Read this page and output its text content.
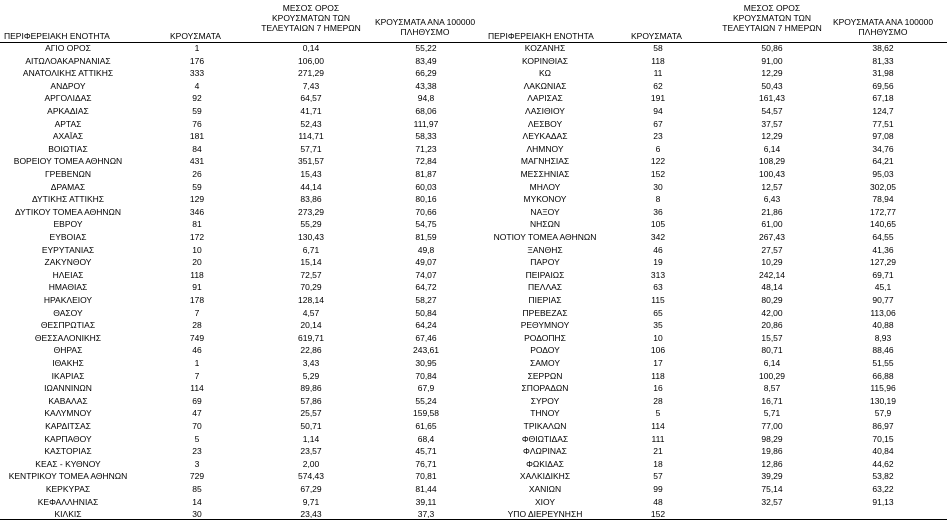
ΠΕΡΙΦΕΡΕΙΑΚΗ ΕΝΟΤΗΤΑ	ΚΡΟΥΣΜΑΤΑ
ΜΕΣΟΣ ΟΡΟΣ
ΚΡΟΥΣΜΑΤΩΝ ΤΩΝ
ΤΕΛΕΥΤΑΙΩΝ 7 ΗΜΕΡΩΝ
ΚΡΟΥΣΜΑΤΑ ΑΝΑ 100000
ΠΛΗΘΥΣΜΟ	ΠΕΡΙΦΕΡΕΙΑΚΗ ΕΝΟΤΗΤΑ	ΚΡΟΥΣΜΑΤΑ
ΜΕΣΟΣ ΟΡΟΣ
ΚΡΟΥΣΜΑΤΩΝ ΤΩΝ
ΤΕΛΕΥΤΑΙΩΝ 7 ΗΜΕΡΩΝ
ΚΡΟΥΣΜΑΤΑ ΑΝΑ 100000
ΠΛΗΘΥΣΜΟ
ΑΓΙΟ ΟΡΟΣ	1	0,14	55,22
ΑΙΤΩΛΟΑΚΑΡΝΑΝΙΑΣ	176	106,00	83,49
ΑΝΑΤΟΛΙΚΗΣ ΑΤΤΙΚΗΣ	333	271,29	66,29
ΑΝΔΡΟΥ	4	7,43	43,38
ΑΡΓΟΛΙΔΑΣ	92	64,57	94,8
ΑΡΚΑΔΙΑΣ	59	41,71	68,06
ΑΡΤΑΣ	76	52,43	111,97
ΑΧΑΪΑΣ	181	114,71	58,33
ΒΟΙΩΤΙΑΣ	84	57,71	71,23
ΒΟΡΕΙΟΥ ΤΟΜΕΑ ΑΘΗΝΩΝ	431	351,57	72,84
ΓΡΕΒΕΝΩΝ	26	15,43	81,87
ΔΡΑΜΑΣ	59	44,14	60,03
ΔΥΤΙΚΗΣ ΑΤΤΙΚΗΣ	129	83,86	80,16
ΔΥΤΙΚΟΥ ΤΟΜΕΑ ΑΘΗΝΩΝ	346	273,29	70,66
ΕΒΡΟΥ	81	55,29	54,75
ΕΥΒΟΙΑΣ	172	130,43	81,59
ΕΥΡΥΤΑΝΙΑΣ	10	6,71	49,8
ΖΑΚΥΝΘΟΥ	20	15,14	49,07
ΗΛΕΙΑΣ	118	72,57	74,07
ΗΜΑΘΙΑΣ	91	70,29	64,72
ΗΡΑΚΛΕΙΟΥ	178	128,14	58,27
ΘΑΣΟΥ	7	4,57	50,84
ΘΕΣΠΡΩΤΙΑΣ	28	20,14	64,24
ΘΕΣΣΑΛΟΝΙΚΗΣ	749	619,71	67,46
ΘΗΡΑΣ	46	22,86	243,61
ΙΘΑΚΗΣ	1	3,43	30,95
ΙΚΑΡΙΑΣ	7	5,29	70,84
ΙΩΑΝΝΙΝΩΝ	114	89,86	67,9
ΚΑΒΑΛΑΣ	69	57,86	55,24
ΚΑΛΥΜΝΟΥ	47	25,57	159,58
ΚΑΡΔΙΤΣΑΣ	70	50,71	61,65
ΚΑΡΠΑΘΟΥ	5	1,14	68,4
ΚΑΣΤΟΡΙΑΣ	23	23,57	45,71
ΚΕΑΣ - ΚΥΘΝΟΥ	3	2,00	76,71
ΚΕΝΤΡΙΚΟΥ ΤΟΜΕΑ ΑΘΗΝΩΝ	729	574,43	70,81
ΚΕΡΚΥΡΑΣ	85	67,29	81,44
ΚΕΦΑΛΛΗΝΙΑΣ	14	9,71	39,11
ΚΙΛΚΙΣ	30	23,43	37,3
ΚΟΖΑΝΗΣ	58	50,86	38,62
ΚΟΡΙΝΘΙΑΣ	118	91,00	81,33
ΚΩ	11	12,29	31,98
ΛΑΚΩΝΙΑΣ	62	50,43	69,56
ΛΑΡΙΣΑΣ	191	161,43	67,18
ΛΑΣΙΘΙΟΥ	94	54,57	124,7
ΛΕΣΒΟΥ	67	37,57	77,51
ΛΕΥΚΑΔΑΣ	23	12,29	97,08
ΛΗΜΝΟΥ	6	6,14	34,76
ΜΑΓΝΗΣΙΑΣ	122	108,29	64,21
ΜΕΣΣΗΝΙΑΣ	152	100,43	95,03
ΜΗΛΟΥ	30	12,57	302,05
ΜΥΚΟΝΟΥ	8	6,43	78,94
ΝΑΞΟΥ	36	21,86	172,77
ΝΗΣΩΝ	105	61,00	140,65
ΝΟΤΙΟΥ ΤΟΜΕΑ ΑΘΗΝΩΝ	342	267,43	64,55
ΞΑΝΘΗΣ	46	27,57	41,36
ΠΑΡΟΥ	19	10,29	127,29
ΠΕΙΡΑΙΩΣ	313	242,14	69,71
ΠΕΛΛΑΣ	63	48,14	45,1
ΠΙΕΡΙΑΣ	115	80,29	90,77
ΠΡΕΒΕΖΑΣ	65	42,00	113,06
ΡΕΘΥΜΝΟΥ	35	20,86	40,88
ΡΟΔΟΠΗΣ	10	15,57	8,93
ΡΟΔΟΥ	106	80,71	88,46
ΣΑΜΟΥ	17	6,14	51,55
ΣΕΡΡΩΝ	118	100,29	66,88
ΣΠΟΡΑΔΩΝ	16	8,57	115,96
ΣΥΡΟΥ	28	16,71	130,19
ΤΗΝΟΥ	5	5,71	57,9
ΤΡΙΚΑΛΩΝ	114	77,00	86,97
ΦΘΙΩΤΙΔΑΣ	111	98,29	70,15
ΦΛΩΡΙΝΑΣ	21	19,86	40,84
ΦΩΚΙΔΑΣ	18	12,86	44,62
ΧΑΛΚΙΔΙΚΗΣ	57	39,29	53,82
ΧΑΝΙΩΝ	99	75,14	63,22
ΧΙΟΥ	48	32,57	91,13
ΥΠΟ ΔΙΕΡΕΥΝΗΣΗ	152
